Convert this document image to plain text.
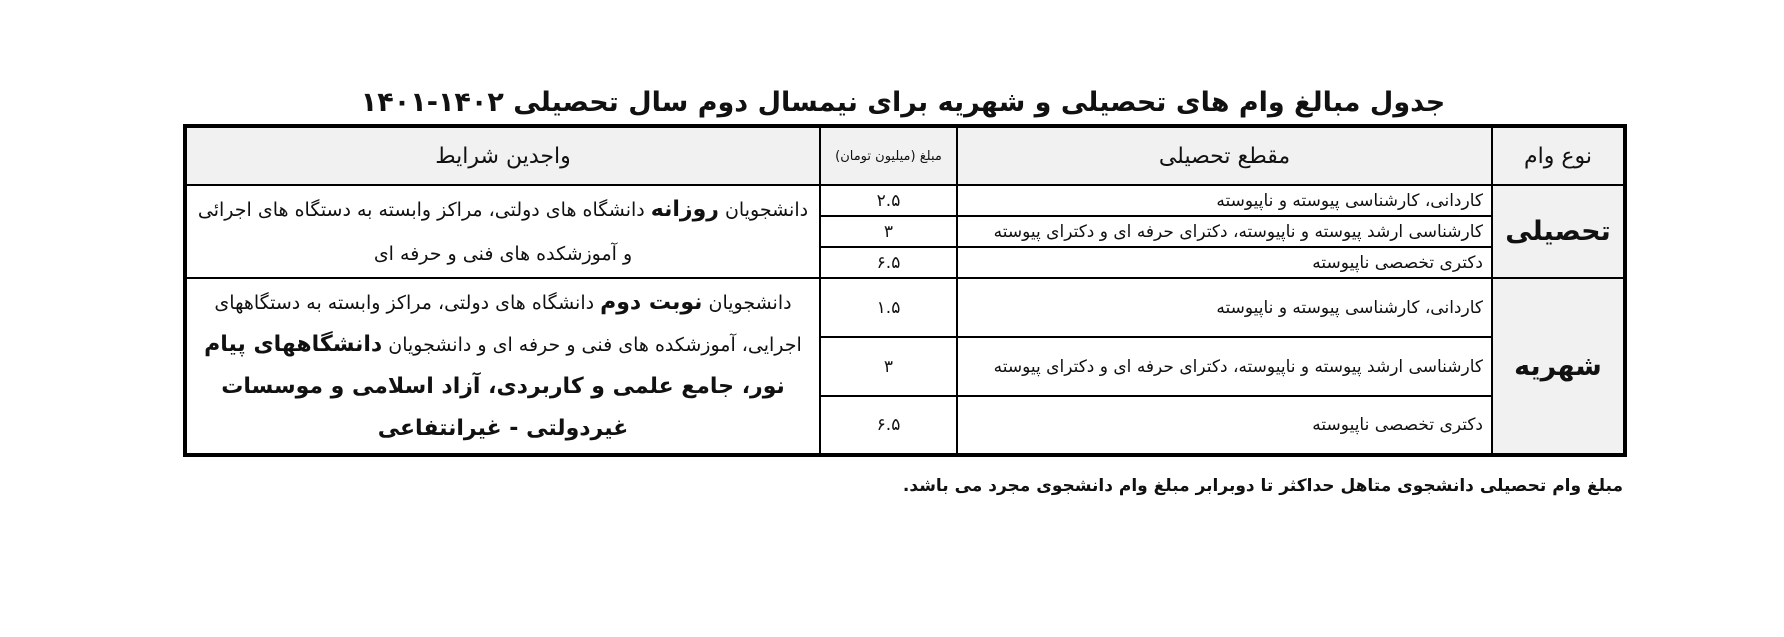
جدول مبالغ وام های تحصیلی و شهریه برای نیمسال دوم سال تحصیلی ۱۴۰۲-۱۴۰۱
نوع وام	مقطع تحصیلی	مبلغ (میلیون تومان)	واجدین شرایط
تحصیلی	کاردانی، کارشناسی پیوسته و ناپیوسته	۲.۵	دانشجویان روزانه دانشگاه های دولتی، مراکز وابسته به دستگاه های اجرائی و آموزشکده های فنی و حرفه ای
	کارشناسی ارشد پیوسته و ناپیوسته، دکترای حرفه ای و دکترای پیوسته	۳	
	دکتری تخصصی ناپیوسته	۶.۵	
شهریه	کاردانی، کارشناسی پیوسته و ناپیوسته	۱.۵	دانشجویان نوبت دوم دانشگاه های دولتی، مراکز وابسته به دستگاههای اجرایی، آموزشکده های فنی و حرفه ای و دانشجویان دانشگاههای پیام نور، جامع علمی و کاربردی، آزاد اسلامی و موسسات غیردولتی - غیرانتفاعی
	کارشناسی ارشد پیوسته و ناپیوسته، دکترای حرفه ای و دکترای پیوسته	۳	
	دکتری تخصصی ناپیوسته	۶.۵	
مبلغ وام تحصیلی دانشجوی متاهل حداکثر تا دوبرابر مبلغ وام دانشجوی مجرد می باشد.
